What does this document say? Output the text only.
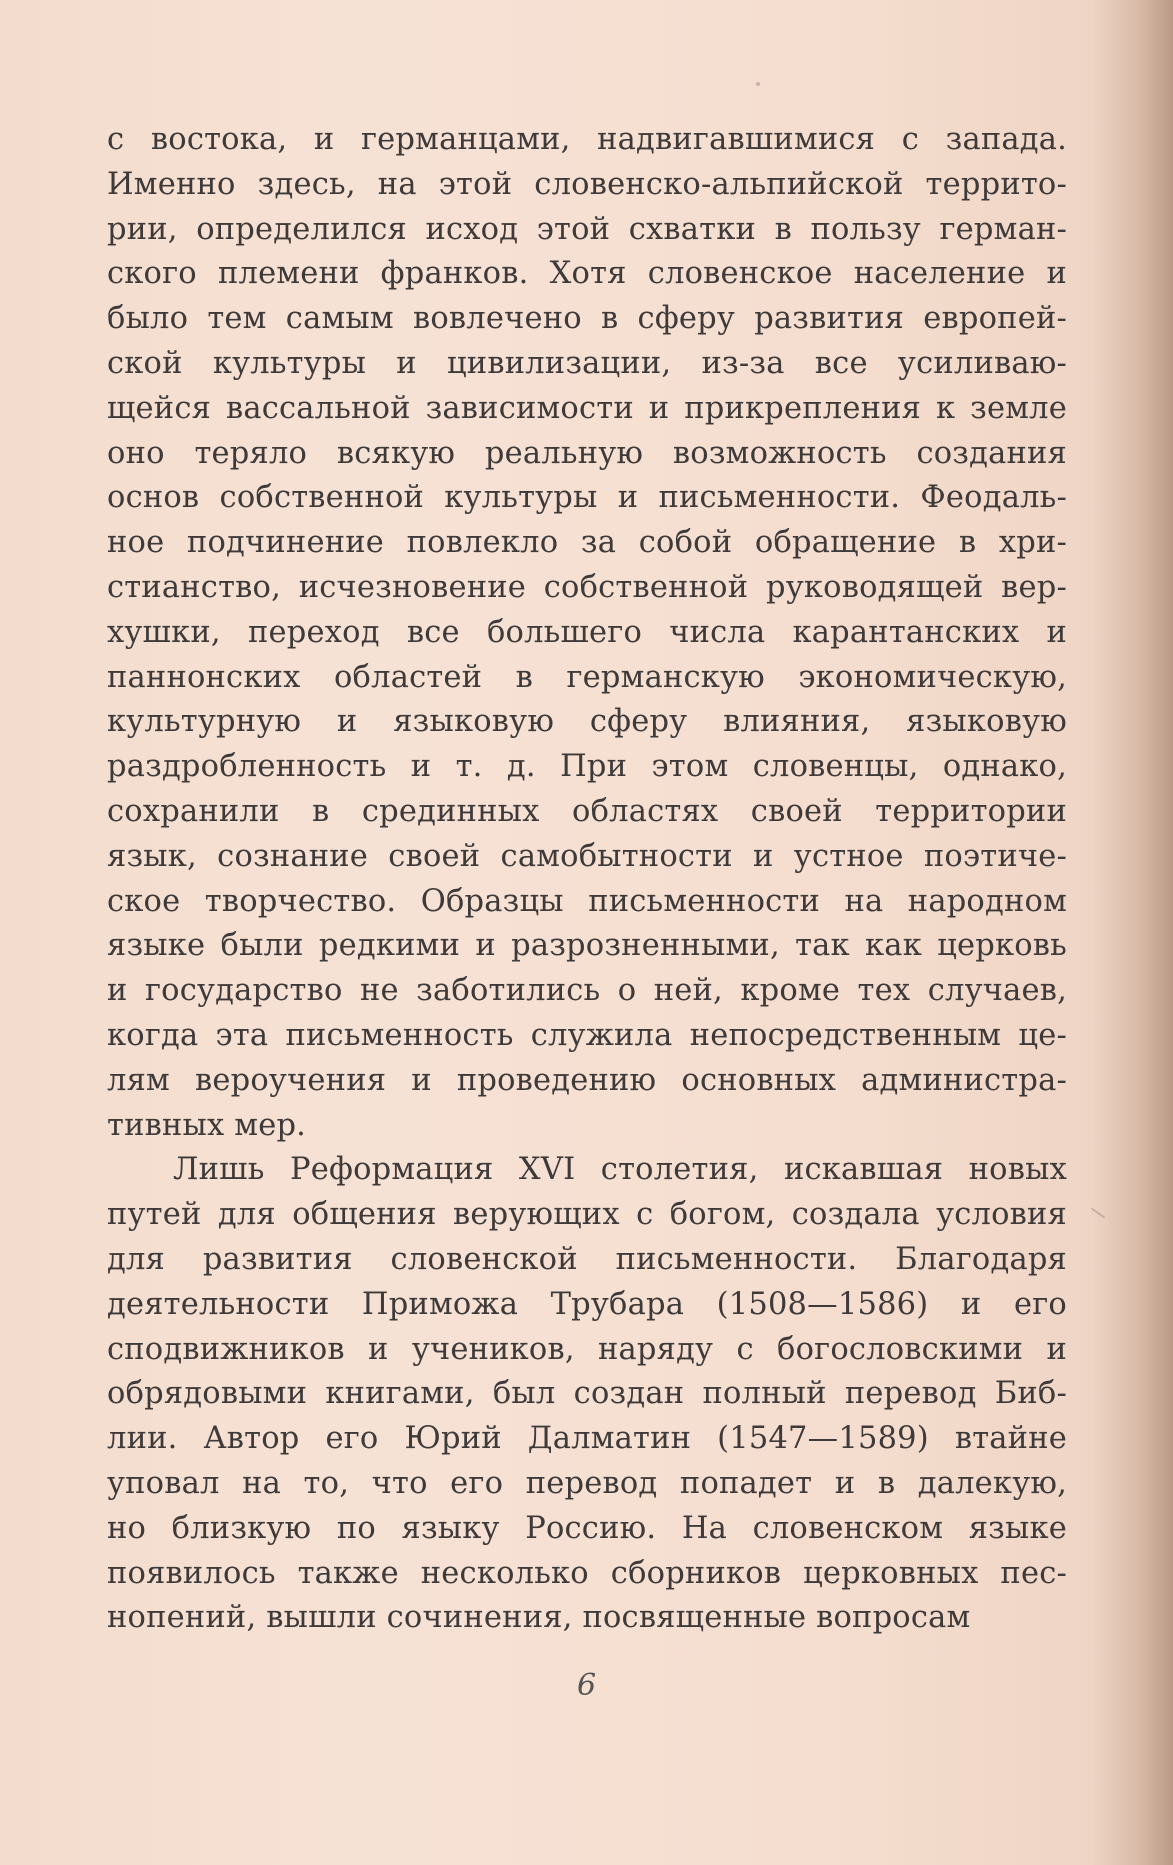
с востока, и германцами, надвигавшимися с запада.
Именно здесь, на этой словенско-альпийской террито-
рии, определился исход этой схватки в пользу герман-
ского племени франков. Хотя словенское население и
было тем самым вовлечено в сферу развития европей-
ской культуры и цивилизации, из-за все усиливаю-
щейся вассальной зависимости и прикрепления к земле
оно теряло всякую реальную возможность создания
основ собственной культуры и письменности. Феодаль-
ное подчинение повлекло за собой обращение в хри-
стианство, исчезновение собственной руководящей вер-
хушки, переход все большего числа карантанских и
паннонских областей в германскую экономическую,
культурную и языковую сферу влияния, языковую
раздробленность и т. д. При этом словенцы, однако,
сохранили в срединных областях своей территории
язык, сознание своей самобытности и устное поэтиче-
ское творчество. Образцы письменности на народном
языке были редкими и разрозненными, так как церковь
и государство не заботились о ней, кроме тех случаев,
когда эта письменность служила непосредственным це-
лям вероучения и проведению основных администра-
тивных мер.

Лишь Реформация XVI столетия, искавшая новых
путей для общения верующих с богом, создала условия
для развития словенской письменности. Благодаря
деятельности Приможа Трубара (1508—1586) и его
сподвижников и учеников, наряду с богословскими и
обрядовыми книгами, был создан полный перевод Биб-
лии. Автор его Юрий Далматин (1547—1589) втайне
уповал на то, что его перевод попадет и в далекую,
но близкую по языку Россию. На словенском языке
появилось также несколько сборников церковных пес-
нопений, вышли сочинения, посвященные вопросам

6
